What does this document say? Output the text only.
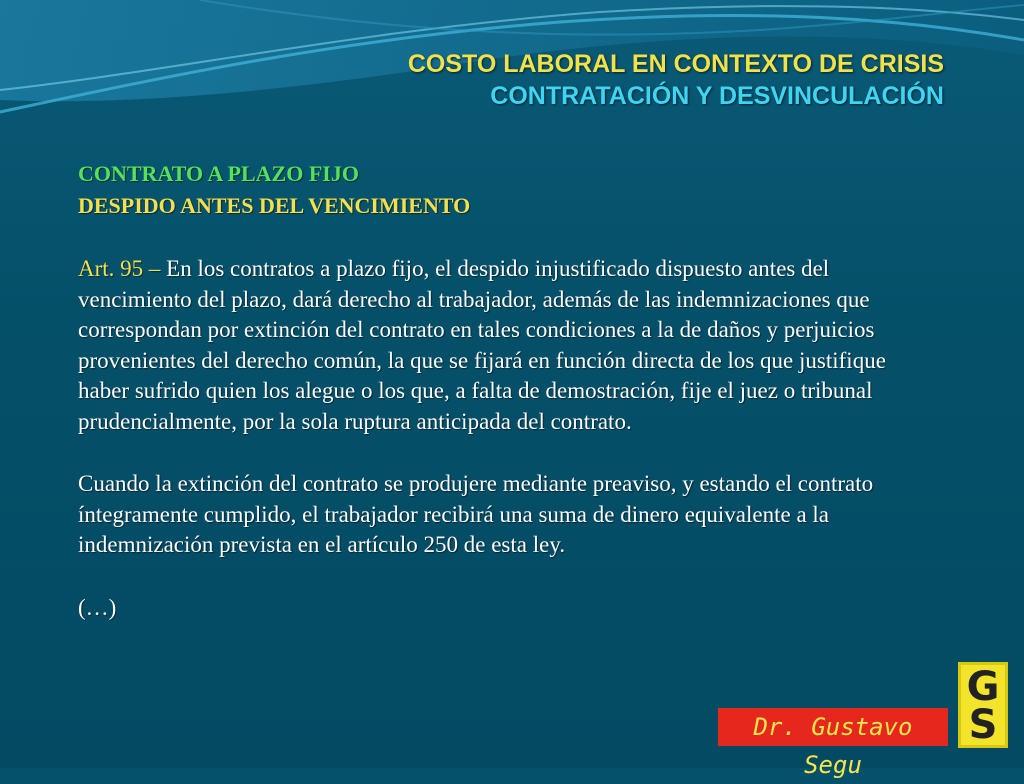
COSTO LABORAL EN CONTEXTO DE CRISIS
CONTRATACIÓN Y DESVINCULACIÓN
CONTRATO A PLAZO FIJO
DESPIDO ANTES DEL VENCIMIENTO
Art. 95 – En los contratos a plazo fijo, el despido injustificado dispuesto antes del vencimiento del plazo, dará derecho al trabajador, además de las indemnizaciones que correspondan por extinción del contrato en tales condiciones a la de daños y perjuicios provenientes del derecho común, la que se fijará en función directa de los que justifique haber sufrido quien los alegue o los que, a falta de demostración, fije el juez o tribunal prudencialmente, por la sola ruptura anticipada del contrato.
Cuando la extinción del contrato se produjere mediante preaviso, y estando el contrato íntegramente cumplido, el trabajador recibirá una suma de dinero equivalente a la indemnización prevista en el artículo 250 de esta ley.
(…)
Dr. Gustavo Segu
G
S
